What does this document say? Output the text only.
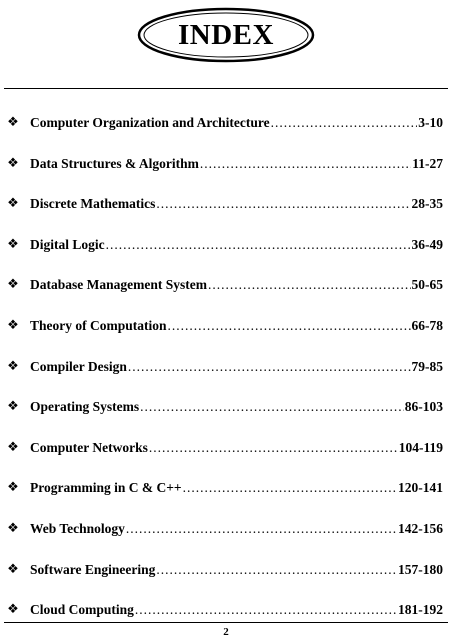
INDEX
❖ Computer Organization and Architecture .....	3-10
❖ Data Structures & Algorithm .....	11-27
❖ Discrete Mathematics .....	28-35
❖ Digital Logic .....	36-49
❖ Database Management System .....	50-65
❖ Theory of Computation .....	66-78
❖ Compiler Design .....	79-85
❖ Operating Systems .....	86-103
❖ Computer Networks .....	104-119
❖ Programming in C & C++ .....	120-141
❖ Web Technology .....	142-156
❖ Software Engineering .....	157-180
❖ Cloud Computing .....	181-192
2
